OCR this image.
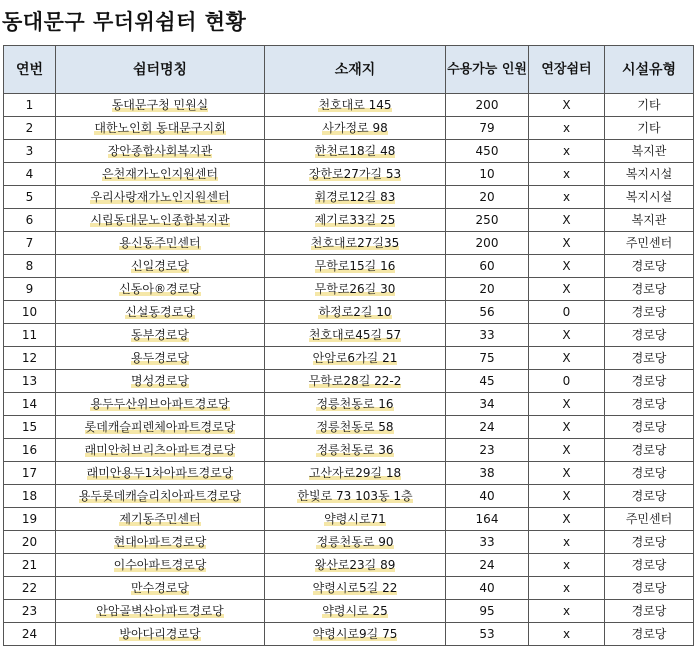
동대문구 무더위쉼터 현황
연번	쉼터명칭	소재지	수용가능 인원	연장쉼터	시설유형
1	동대문구청 민원실	천호대로 145	200	X	기타
2	대한노인회 동대문구지회	사가정로 98	79	x	기타
3	장안종합사회복지관	한천로18길 48	450	x	복지관
4	은천재가노인지원센터	장한로27가길 53	10	x	복지시설
5	우리사랑재가노인지원센터	휘경로12길 83	20	x	복지시설
6	시립동대문노인종합복지관	제기로33길 25	250	X	복지관
7	용신동주민센터	천호대로27길35	200	X	주민센터
8	신일경로당	무학로15길 16	60	X	경로당
9	신동아®경로당	무학로26길 30	20	X	경로당
10	신설동경로당	하정로2길 10	56	0	경로당
11	동부경로당	천호대로45길 57	33	X	경로당
12	용두경로당	안암로6가길 21	75	X	경로당
13	명성경로당	무학로28길 22-2	45	0	경로당
14	용두두산위브아파트경로당	정릉천동로 16	34	X	경로당
15	롯데캐슬피렌체아파트경로당	정릉천동로 58	24	X	경로당
16	래미안허브리츠아파트경로당	정릉천동로 36	23	X	경로당
17	래미안용두1차아파트경로당	고산자로29길 18	38	X	경로당
18	용두롯데캐슬리치아파트경로당	한빛로 73 103동 1층	40	X	경로당
19	제기동주민센터	약령시로71	164	X	주민센터
20	현대아파트경로당	정릉천동로 90	33	x	경로당
21	이수아파트경로당	왕산로23길 89	24	x	경로당
22	만수경로당	약령시로5길 22	40	x	경로당
23	안암골벽산아파트경로당	약령시로 25	95	x	경로당
24	방아다리경로당	약령시로9길 75	53	x	경로당
